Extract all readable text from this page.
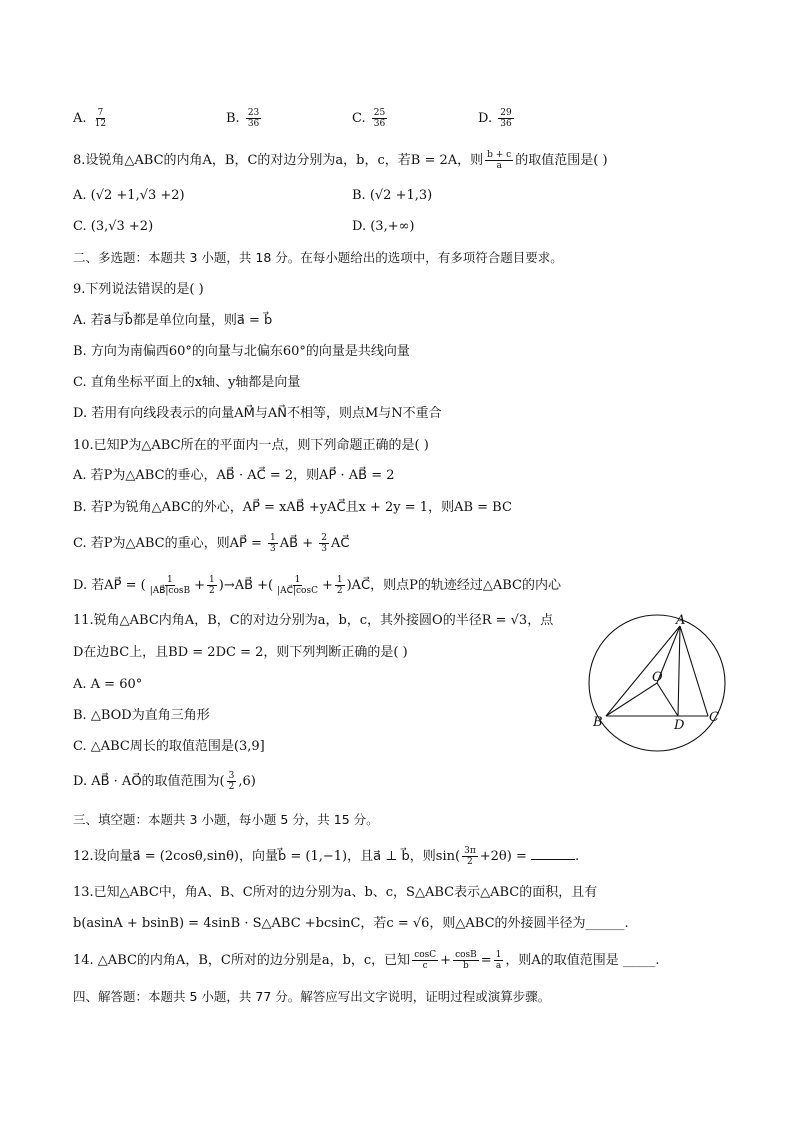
A. $\frac{7}{12}$	B. $\frac{23}{36}$	C. $\frac{25}{36}$	D. $\frac{29}{36}$
8.设锐角△ABC的内角A，B，C的对边分别为a，b，c，若B = 2A，则 $\frac{b + c}{a}$ 的取值范围是( )
A. (√2 +1,√3 +2)	B. (√2 +1,3)
C. (3,√3 +2)	D. (3,+∞)
二、多选题：本题共 3 小题，共 18 分。在每小题给出的选项中，有多项符合题目要求。
9.下列说法错误的是( )
A. 若a⃗与b⃗都是单位向量，则a⃗ = b⃗
B. 方向为南偏西60°的向量与北偏东60°的向量是共线向量
C. 直角坐标平面上的x轴、y轴都是向量
D. 若用有向线段表示的向量AM⃗与AN⃗不相等，则点M与N不重合
10.已知P为△ABC所在的平面内一点，则下列命题正确的是( )
A. 若P为△ABC的垂心，AB⃗ · AC⃗ = 2，则AP⃗ · AB⃗ = 2
B. 若P为锐角△ABC的外心，AP⃗ = xAB⃗ +yAC⃗且x + 2y = 1，则AB = BC
C. 若P为△ABC的重心，则AP⃗ = $\frac{1}{3}$ AB⃗ + $\frac{2}{3}$ AC⃗
D. 若AP⃗ = ( $\frac{1}{|AB⃗|\cos B} + \frac{1}{2}$ )→AB⃗ +( $\frac{1}{|AC⃗|\cos C} + \frac{1}{2}$ )AC⃗，则点P的轨迹经过△ABC的内心
11.锐角△ABC内角A，B，C的对边分别为a，b，c，其外接圆O的半径R = √3，点
D在边BC上，且BD = 2DC = 2，则下列判断正确的是( )
A. A = 60°
B. △BOD为直角三角形
C. △ABC周长的取值范围是(3,9]
D. AB⃗ · AO⃗的取值范围为( $\frac{3}{2} ,6$)
A
O
B	D
C
三、填空题：本题共 3 小题，每小题 5 分，共 15 分。
12.设向量a⃗ = (2cosθ,sinθ)，向量b⃗ = (1,−1)，且a⃗ ⊥ b⃗，则$\sin( \frac{3\pi}{2} +2\theta)$ =	.
13.已知△ABC中，角A、B、C所对的边分别为a、b、c，S△ABC表示△ABC的面积，且有
b(asinA + bsinB) = 4sinB · S△ABC +bcsinC，若c = √6，则△ABC的外接圆半径为______.
14. △ABC的内角A，B，C所对的边分别是a，b，c，已知 $\frac{\cos C}{c} + \frac{\cos B}{b} = \frac{1}{a}$ ，则A的取值范围是 _____.
四、解答题：本题共 5 小题，共 77 分。解答应写出文字说明，证明过程或演算步骤。
